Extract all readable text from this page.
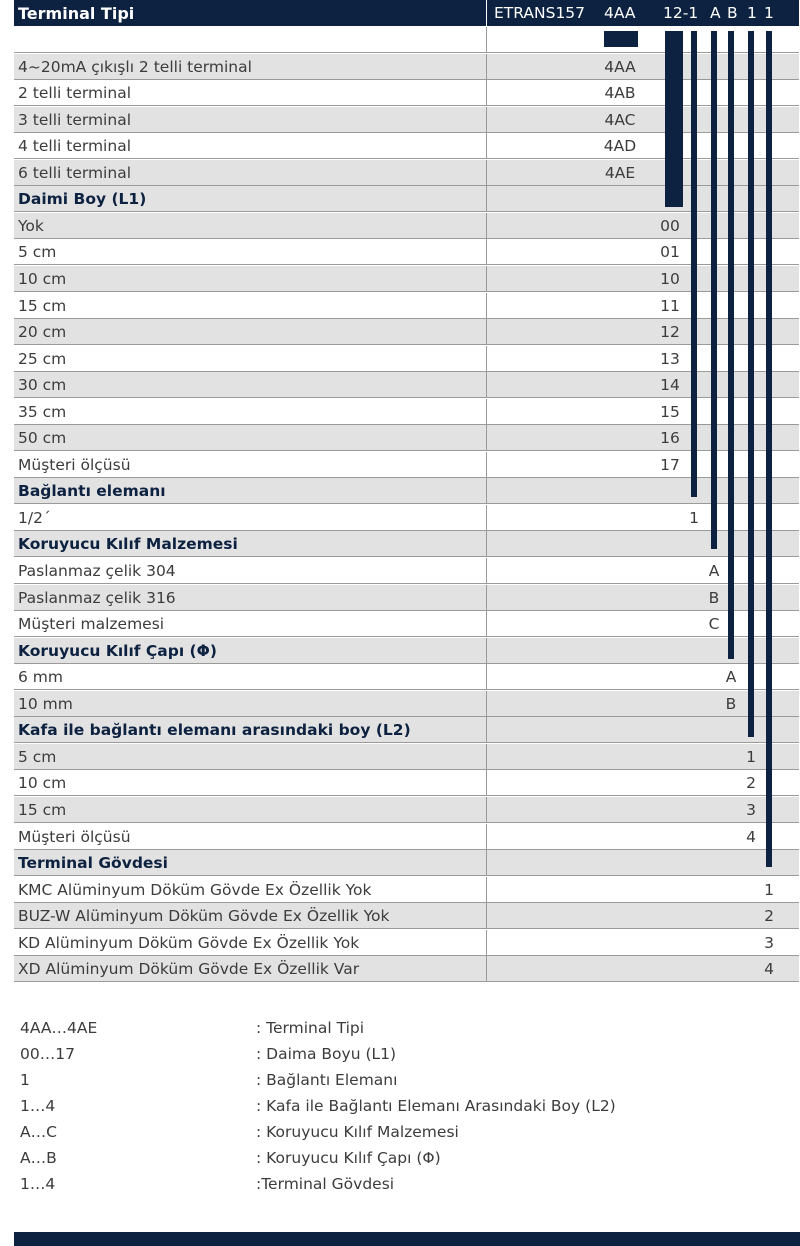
Terminal Tipi	ETRANS157 4AA 12-1 A B 1 1
4~20mA çıkışlı 2 telli terminal	4AA
2 telli terminal	4AB
3 telli terminal	4AC
4 telli terminal	4AD
6 telli terminal	4AE
Daimi Boy (L1)
Yok	00
5 cm	01
10 cm	10
15 cm	11
20 cm	12
25 cm	13
30 cm	14
35 cm	15
50 cm	16
Müşteri ölçüsü	17
Bağlantı elemanı
1/2´	1
Koruyucu Kılıf Malzemesi
Paslanmaz çelik 304	A
Paslanmaz çelik 316	B
Müşteri malzemesi	C
Koruyucu Kılıf Çapı (Φ)
6 mm	A
10 mm	B
Kafa ile bağlantı elemanı arasındaki boy (L2)
5 cm	1
10 cm	2
15 cm	3
Müşteri ölçüsü	4
Terminal Gövdesi
KMC Alüminyum Döküm Gövde Ex Özellik Yok	1
BUZ-W Alüminyum Döküm Gövde Ex Özellik Yok	2
KD Alüminyum Döküm Gövde Ex Özellik Yok	3
XD Alüminyum Döküm Gövde Ex Özellik Var	4
4AA…4AE	: Terminal Tipi
00…17	: Daima Boyu (L1)
1	: Bağlantı Elemanı
1…4	: Kafa ile Bağlantı Elemanı Arasındaki Boy (L2)
A…C	: Koruyucu Kılıf Malzemesi
A…B	: Koruyucu Kılıf Çapı (Φ)
1…4	:Terminal Gövdesi
